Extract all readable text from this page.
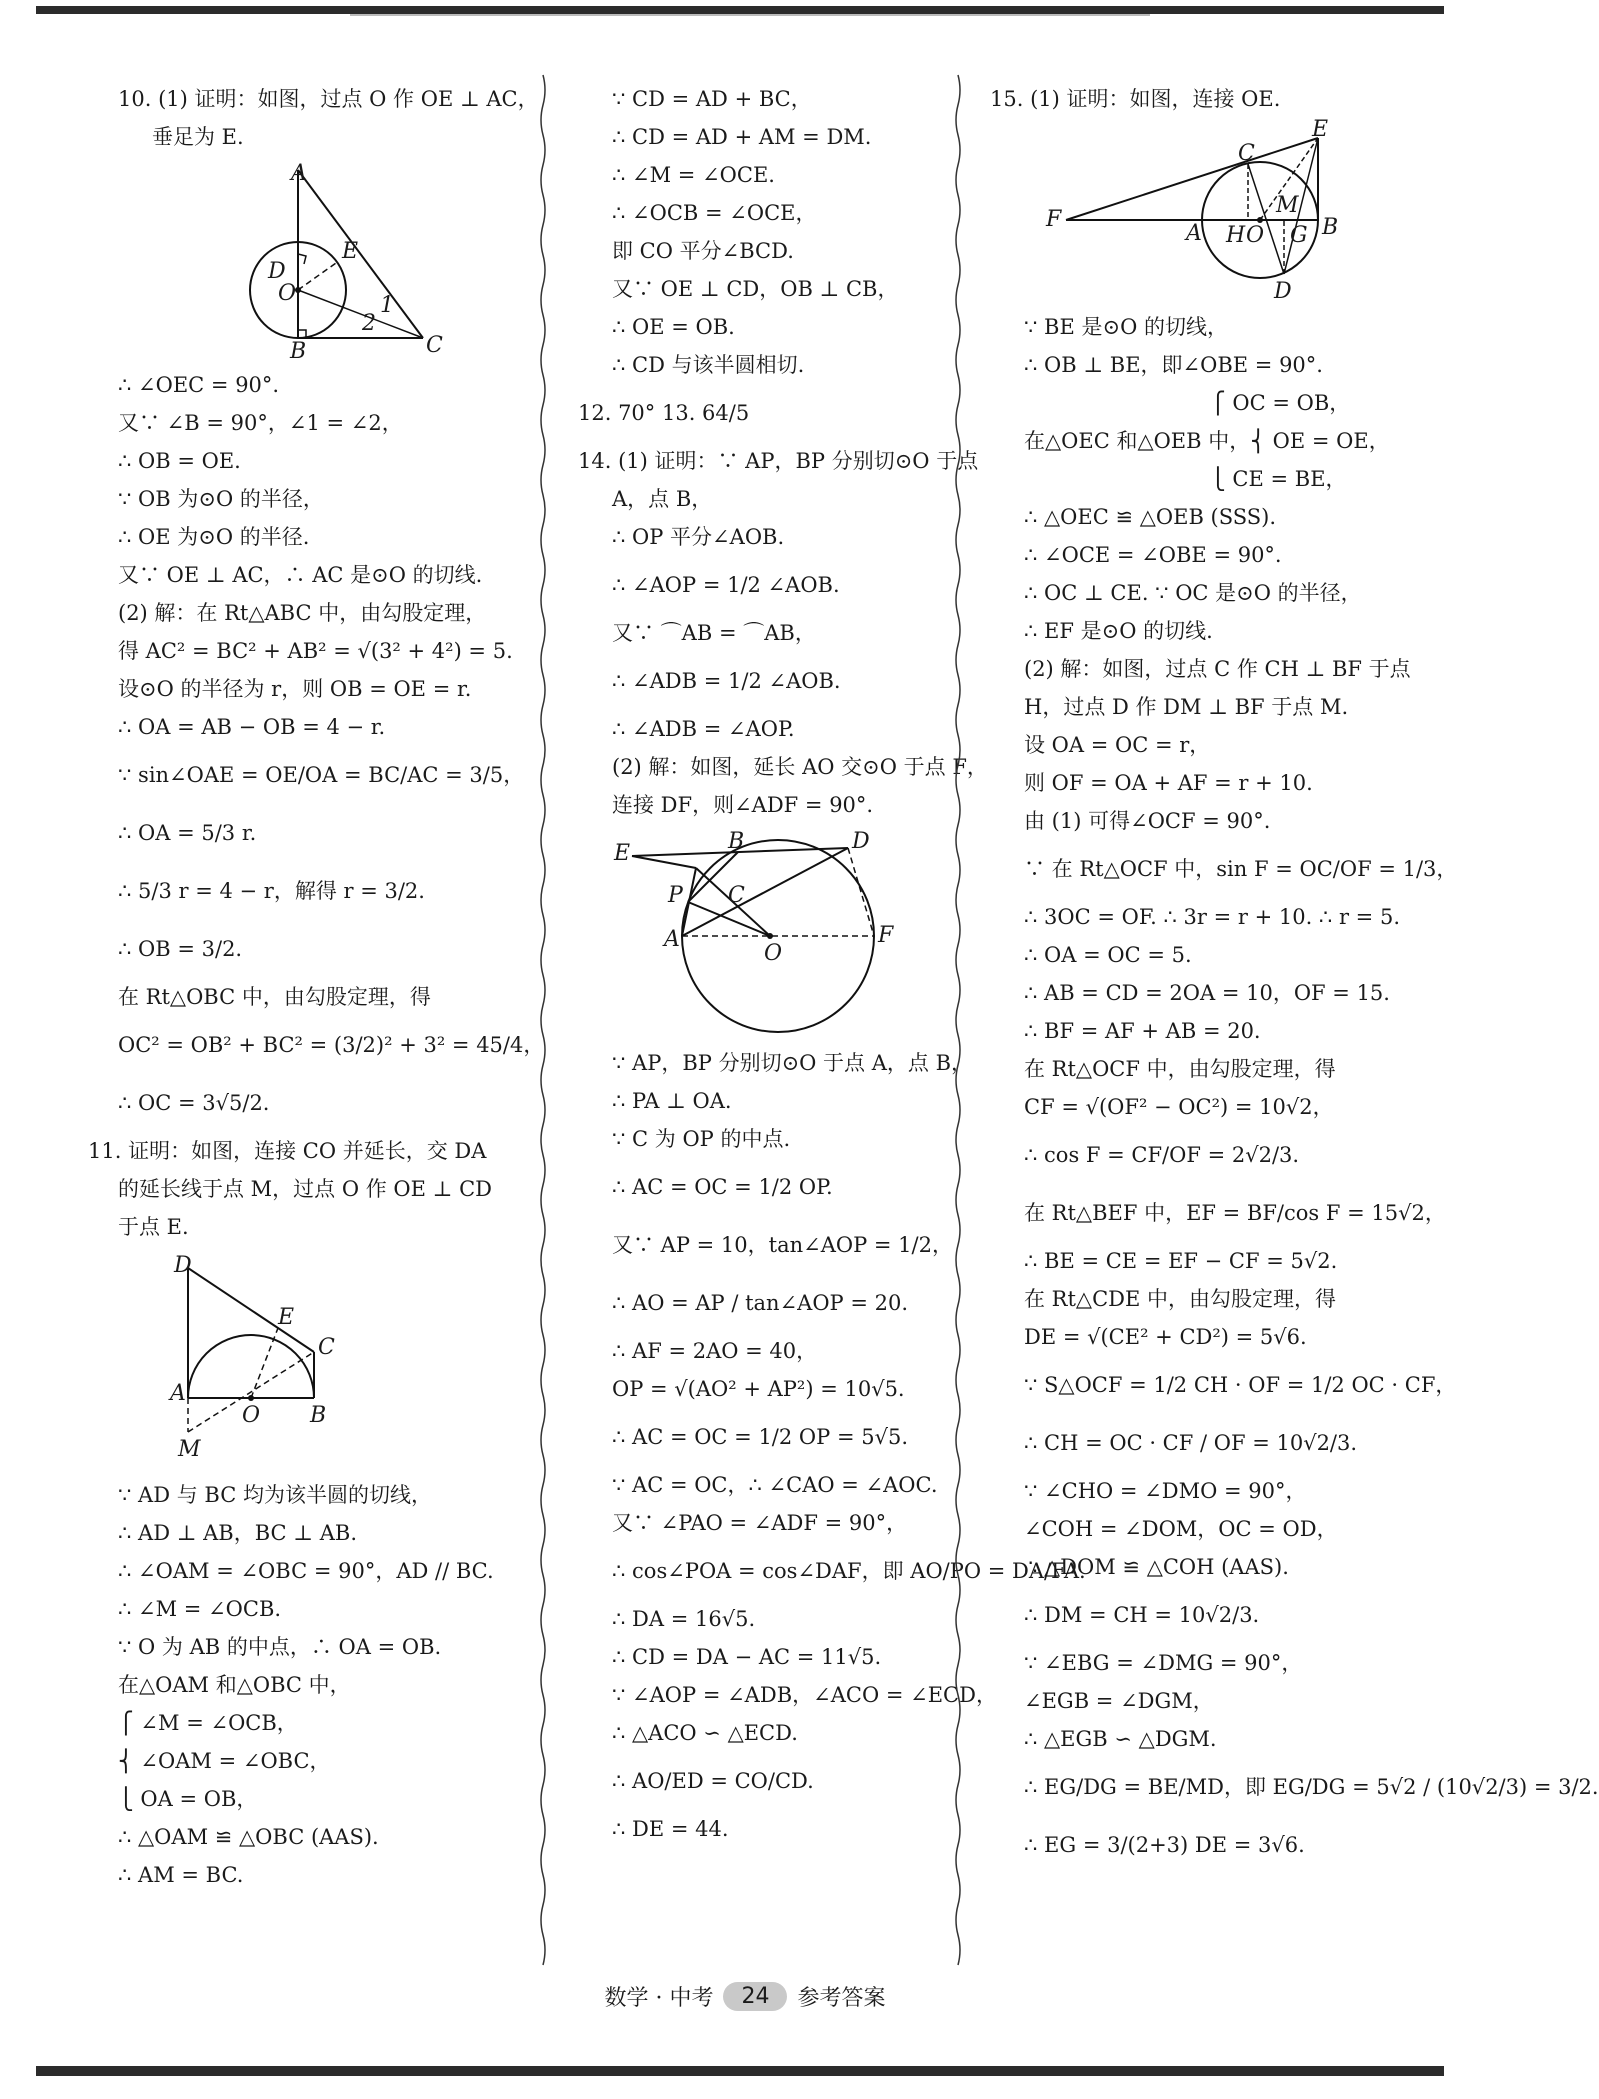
10. (1) 证明：如图，过点 O 作 OE ⊥ AC，
垂足为 E.
A
E
D
O	1
2
B	C
∴ ∠OEC = 90°.
又∵ ∠B = 90°，∠1 = ∠2，
∴ OB = OE.
∵ OB 为⊙O 的半径，
∴ OE 为⊙O 的半径.
又∵ OE ⊥ AC，∴ AC 是⊙O 的切线.
(2) 解：在 Rt△ABC 中，由勾股定理，
得 AC² = BC² + AB² = √(3² + 4²) = 5.
设⊙O 的半径为 r，则 OB = OE = r.
∴ OA = AB − OB = 4 − r.
∵ sin∠OAE = OE/OA = BC/AC = 3/5，
∴ OA = 5/3 r.
∴ 5/3 r = 4 − r，解得 r = 3/2.
∴ OB = 3/2.
在 Rt△OBC 中，由勾股定理，得
OC² = OB² + BC² = (3/2)² + 3² = 45/4，
∴ OC = 3√5/2.
11. 证明：如图，连接 CO 并延长，交 DA
的延长线于点 M，过点 O 作 OE ⊥ CD
于点 E.
D
E
C
A
O B
M
∵ AD 与 BC 均为该半圆的切线，
∴ AD ⊥ AB，BC ⊥ AB.
∴ ∠OAM = ∠OBC = 90°，AD // BC.
∴ ∠M = ∠OCB.
∵ O 为 AB 的中点，∴ OA = OB.
在△OAM 和△OBC 中，
⎧ ∠M = ∠OCB，
⎨ ∠OAM = ∠OBC，
⎩ OA = OB，
∴ △OAM ≌ △OBC (AAS).
∴ AM = BC.
∵ CD = AD + BC，
∴ CD = AD + AM = DM.
∴ ∠M = ∠OCE.
∴ ∠OCB = ∠OCE，
即 CO 平分∠BCD.
又∵ OE ⊥ CD，OB ⊥ CB，
∴ OE = OB.
∴ CD 与该半圆相切.
12. 70° 13. 64/5
14. (1) 证明：∵ AP，BP 分别切⊙O 于点
A，点 B，
∴ OP 平分∠AOB.
∴ ∠AOP = 1/2 ∠AOB.
又∵ ⌒AB = ⌒AB，
∴ ∠ADB = 1/2 ∠AOB.
∴ ∠ADB = ∠AOP.
(2) 解：如图，延长 AO 交⊙O 于点 F，
连接 DF，则∠ADF = 90°.
E	B	D
P C
A
O
F
∵ AP，BP 分别切⊙O 于点 A，点 B，
∴ PA ⊥ OA.
∵ C 为 OP 的中点.
∴ AC = OC = 1/2 OP.
又∵ AP = 10，tan∠AOP = 1/2，
∴ AO = AP / tan∠AOP = 20.
∴ AF = 2AO = 40，
OP = √(AO² + AP²) = 10√5.
∴ AC = OC = 1/2 OP = 5√5.
∵ AC = OC，∴ ∠CAO = ∠AOC.
又∵ ∠PAO = ∠ADF = 90°，
∴ cos∠POA = cos∠DAF，即 AO/PO = DA/FA.
∴ DA = 16√5.
∴ CD = DA − AC = 11√5.
∵ ∠AOP = ∠ADB，∠ACO = ∠ECD，
∴ △ACO ∽ △ECD.
∴ AO/ED = CO/CD.
∴ DE = 44.
15. (1) 证明：如图，连接 OE.
E
C
F
A H O
M
G B
D
∵ BE 是⊙O 的切线，
∴ OB ⊥ BE，即∠OBE = 90°.
⎧ OC = OB，
在△OEC 和△OEB 中，⎨ OE = OE，
⎩ CE = BE，
∴ △OEC ≌ △OEB (SSS).
∴ ∠OCE = ∠OBE = 90°.
∴ OC ⊥ CE. ∵ OC 是⊙O 的半径，
∴ EF 是⊙O 的切线.
(2) 解：如图，过点 C 作 CH ⊥ BF 于点
H，过点 D 作 DM ⊥ BF 于点 M.
设 OA = OC = r，
则 OF = OA + AF = r + 10.
由 (1) 可得∠OCF = 90°.
∵ 在 Rt△OCF 中，sin F = OC/OF = 1/3，
∴ 3OC = OF. ∴ 3r = r + 10. ∴ r = 5.
∴ OA = OC = 5.
∴ AB = CD = 2OA = 10，OF = 15.
∴ BF = AF + AB = 20.
在 Rt△OCF 中，由勾股定理，得
CF = √(OF² − OC²) = 10√2，
∴ cos F = CF/OF = 2√2/3.
在 Rt△BEF 中，EF = BF/cos F = 15√2，
∴ BE = CE = EF − CF = 5√2.
在 Rt△CDE 中，由勾股定理，得
DE = √(CE² + CD²) = 5√6.
∵ S△OCF = 1/2 CH · OF = 1/2 OC · CF，
∴ CH = OC · CF / OF = 10√2/3.
∵ ∠CHO = ∠DMO = 90°，
∠COH = ∠DOM，OC = OD，
∴ △DOM ≌ △COH (AAS).
∴ DM = CH = 10√2/3.
∵ ∠EBG = ∠DMG = 90°，
∠EGB = ∠DGM，
∴ △EGB ∽ △DGM.
∴ EG/DG = BE/MD，即 EG/DG = 5√2 / (10√2/3) = 3/2.
∴ EG = 3/(2+3) DE = 3√6.
数学 · 中考	24	参考答案
